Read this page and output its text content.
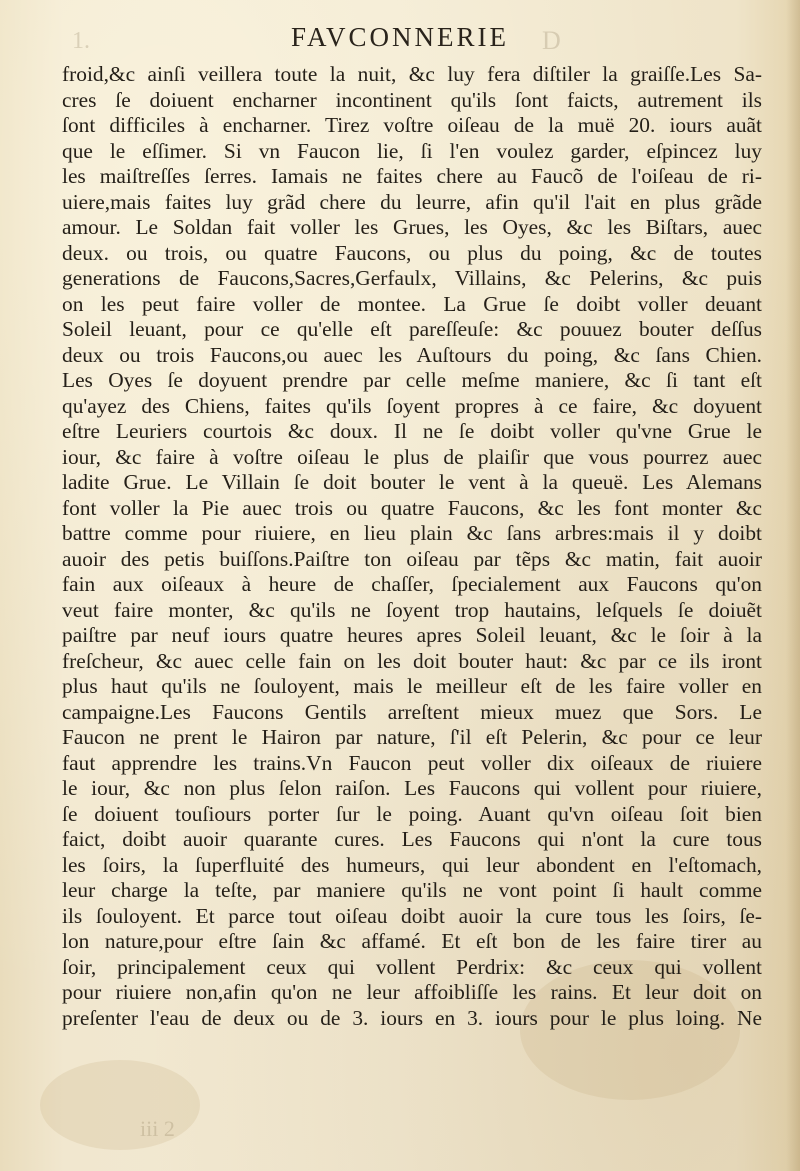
1.	D
iii 2
FAVCONNERIE
froid,&c ainſi veillera toute la nuit, &c luy fera diſtiler la graiſſe.Les Sa-
cres ſe doiuent encharner incontinent qu'ils ſont faicts, autrement ils
ſont difficiles à encharner. Tirez voſtre oiſeau de la muë 20. iours auãt
que le eſſimer. Si vn Faucon lie, ſi l'en voulez garder, eſpincez luy
les maiſtreſſes ſerres. Iamais ne faites chere au Faucõ de l'oiſeau de ri-
uiere,mais faites luy grãd chere du leurre, afin qu'il l'ait en plus grãde
amour. Le Soldan fait voller les Grues, les Oyes, &c les Biſtars, auec
deux. ou trois, ou quatre Faucons, ou plus du poing, &c de toutes
generations de Faucons,Sacres,Gerfaulx, Villains, &c Pelerins, &c puis
on les peut faire voller de montee. La Grue ſe doibt voller deuant
Soleil leuant, pour ce qu'elle eſt pareſſeuſe: &c pouuez bouter deſſus
deux ou trois Faucons,ou auec les Auſtours du poing, &c ſans Chien.
Les Oyes ſe doyuent prendre par celle meſme maniere, &c ſi tant eſt
qu'ayez des Chiens, faites qu'ils ſoyent propres à ce faire, &c doyuent
eſtre Leuriers courtois &c doux. Il ne ſe doibt voller qu'vne Grue le
iour, &c faire à voſtre oiſeau le plus de plaiſir que vous pourrez auec
ladite Grue. Le Villain ſe doit bouter le vent à la queuë. Les Alemans
font voller la Pie auec trois ou quatre Faucons, &c les font monter &c
battre comme pour riuiere, en lieu plain &c ſans arbres:mais il y doibt
auoir des petis buiſſons.Paiſtre ton oiſeau par tẽps &c matin, fait auoir
fain aux oiſeaux à heure de chaſſer, ſpecialement aux Faucons qu'on
veut faire monter, &c qu'ils ne ſoyent trop hautains, leſquels ſe doiuẽt
paiſtre par neuf iours quatre heures apres Soleil leuant, &c le ſoir à la
freſcheur, &c auec celle fain on les doit bouter haut: &c par ce ils iront
plus haut qu'ils ne ſouloyent, mais le meilleur eſt de les faire voller en
campaigne.Les Faucons Gentils arreſtent mieux muez que Sors. Le
Faucon ne prent le Hairon par nature, ſ'il eſt Pelerin, &c pour ce leur
faut apprendre les trains.Vn Faucon peut voller dix oiſeaux de riuiere
le iour, &c non plus ſelon raiſon. Les Faucons qui vollent pour riuiere,
ſe doiuent touſiours porter ſur le poing. Auant qu'vn oiſeau ſoit bien
faict, doibt auoir quarante cures. Les Faucons qui n'ont la cure tous
les ſoirs, la ſuperfluité des humeurs, qui leur abondent en l'eſtomach,
leur charge la teſte, par maniere qu'ils ne vont point ſi hault comme
ils ſouloyent. Et parce tout oiſeau doibt auoir la cure tous les ſoirs, ſe-
lon nature,pour eſtre ſain &c affamé. Et eſt bon de les faire tirer au
ſoir, principalement ceux qui vollent Perdrix: &c ceux qui vollent
pour riuiere non,afin qu'on ne leur affoibliſſe les rains. Et leur doit on
preſenter l'eau de deux ou de 3. iours en 3. iours pour le plus loing. Ne
